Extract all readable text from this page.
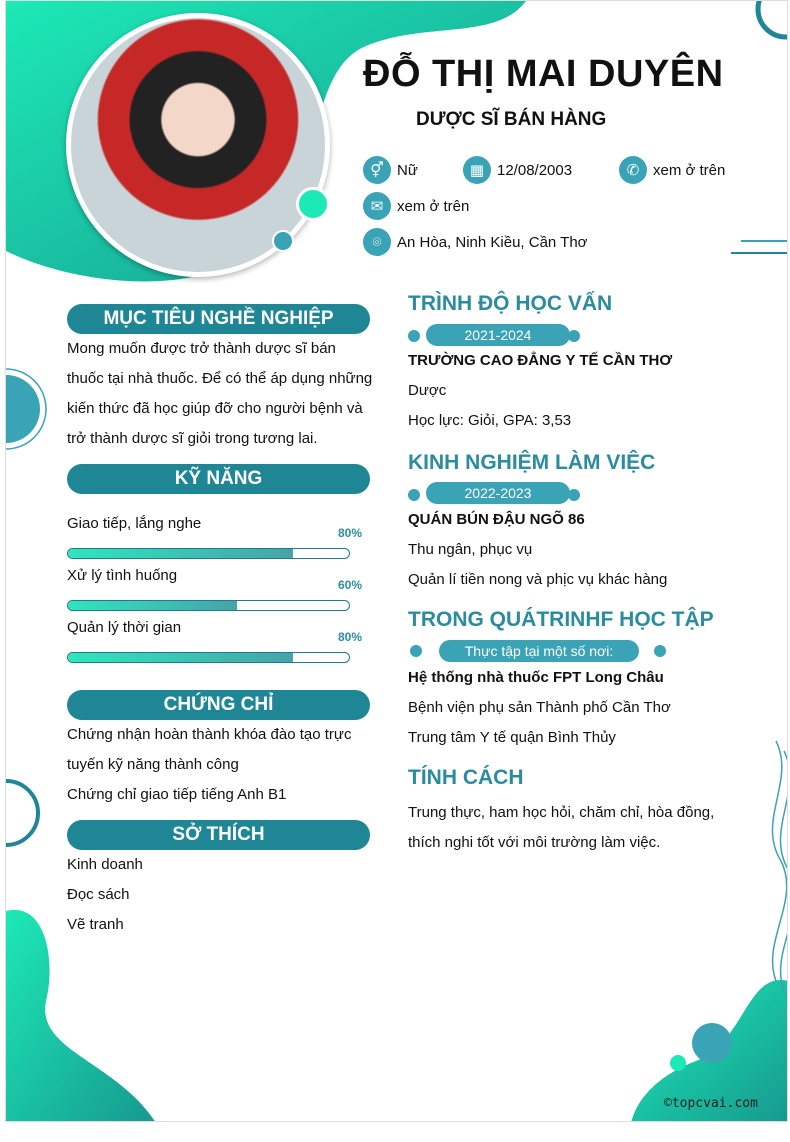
ĐỖ THỊ MAI DUYÊN
DƯỢC SĨ BÁN HÀNG
⚥ Nữ	▦ 12/08/2003	✆ xem ở trên
✉ xem ở trên
⌾	An Hòa, Ninh Kiều, Cần Thơ
MỤC TIÊU NGHỀ NGHIỆP
Mong muốn được trở thành dược sĩ bán
thuốc tại nhà thuốc. Để có thể áp dụng những
kiến thức đã học giúp đỡ cho người bệnh và
trở thành dược sĩ giỏi trong tương lai.
KỸ NĂNG
Giao tiếp, lắng nghe
80%
Xử lý tình huống
60%
Quản lý thời gian
80%
CHỨNG CHỈ
Chứng nhận hoàn thành khóa đào tạo trực
tuyến kỹ năng thành công
Chứng chỉ giao tiếp tiếng Anh B1
SỞ THÍCH
Kinh doanh
Đọc sách
Vẽ tranh
TRÌNH ĐỘ HỌC VẤN
2021-2024
TRƯỜNG CAO ĐẲNG Y TẾ CẦN THƠ
Dược
Học lực: Giỏi, GPA: 3,53
KINH NGHIỆM LÀM VIỆC
2022-2023
QUÁN BÚN ĐẬU NGÕ 86
Thu ngân, phục vụ
Quản lí tiền nong và phịc vụ khác hàng
TRONG QUÁTRINHF HỌC TẬP
Thực tập tại một số nơi:
Hệ thống nhà thuốc FPT Long Châu
Bệnh viện phụ sản Thành phố Cần Thơ
Trung tâm Y tế quận Bình Thủy
TÍNH CÁCH
Trung thực, ham học hỏi, chăm chỉ, hòa đồng,
thích nghi tốt với môi trường làm việc.
©topcvai.com
